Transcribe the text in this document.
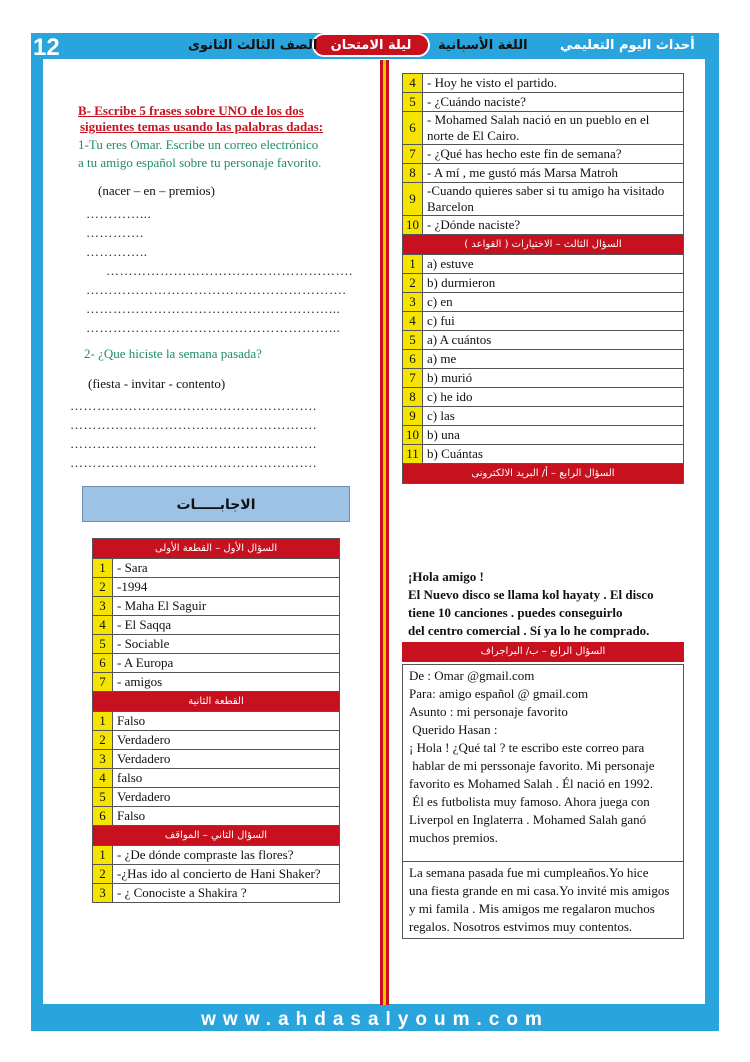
12	أحداث اليوم التعليمي
اللغة الأسبانية
ليلة الامتحان
الصف الثالث الثانوى
B- Escribe 5 frases sobre UNO de los dos
siguientes temas usando las palabras dadas:
1-Tu eres Omar. Escribe un correo electrónico
a tu amigo español sobre tu personaje favorito.
(nacer – en – premios)
…………...
………….
…………..
……………………………………………….
………………………………………………….
………………………………………………...
………………………………………………...
2- ¿Que hiciste la semana pasada?
(fiesta - invitar - contento)
……………………………………………….
……………………………………………….
……………………………………………….
……………………………………………….
الاجابـــــات
السؤال الأول – القطعة الأولى	
1	- Sara
2	-1994
3	- Maha El Saguir
4	- El Saqqa
5	- Sociable
6	- A Europa
7	- amigos
القطعة الثانية	
1	Falso
2	Verdadero
3	Verdadero
4	falso
5	Verdadero
6	Falso
السؤال الثاني – المواقف	
1	- ¿De dónde compraste las flores?
2	-¿Has ido al concierto de Hani Shaker?
3	- ¿ Conociste a Shakira ?
4	- Hoy he visto el partido.
5	- ¿Cuándo naciste?
6	- Mohamed Salah nació en un pueblo en el norte de El Cairo.
7	- ¿Qué has hecho este fin de semana?
8	- A mí , me gustó más Marsa Matroh
9	-Cuando quieres saber si tu amigo ha visitado Barcelon
10	- ¿Dónde naciste?
السؤال الثالث – الاختيارات ( القواعد )	
1	a) estuve
2	b) durmieron
3	c) en
4	c) fui
5	a) A cuántos
6	a) me
7	b) murió
8	c) he ido
9	c) las
10	b) una
11	b) Cuántas
السؤال الرابع – أ/ البريد الالكترونى	
¡Hola amigo !
El Nuevo disco se llama kol hayaty . El disco
tiene 10 canciones . puedes conseguirlo
del centro comercial . Sí ya lo he comprado.
السؤال الرابع – ب/ البراجراف
De : Omar @gmail.com
Para: amigo español @ gmail.com
Asunto : mi personaje favorito
Querido Hasan :
¡ Hola ! ¿Qué tal ? te escribo este correo para
hablar de mi perssonaje favorito. Mi personaje
favorito es Mohamed Salah . Él nació en 1992.
Él es futbolista muy famoso. Ahora juega con
Liverpol en Inglaterra . Mohamed Salah ganó
muchos premios.
La semana pasada fue mi cumpleaños.Yo hice
una fiesta grande en mi casa.Yo invité mis amigos
y mi famila . Mis amigos me regalaron muchos
regalos. Nosotros estvimos muy contentos.
www.ahdasalyoum.com
